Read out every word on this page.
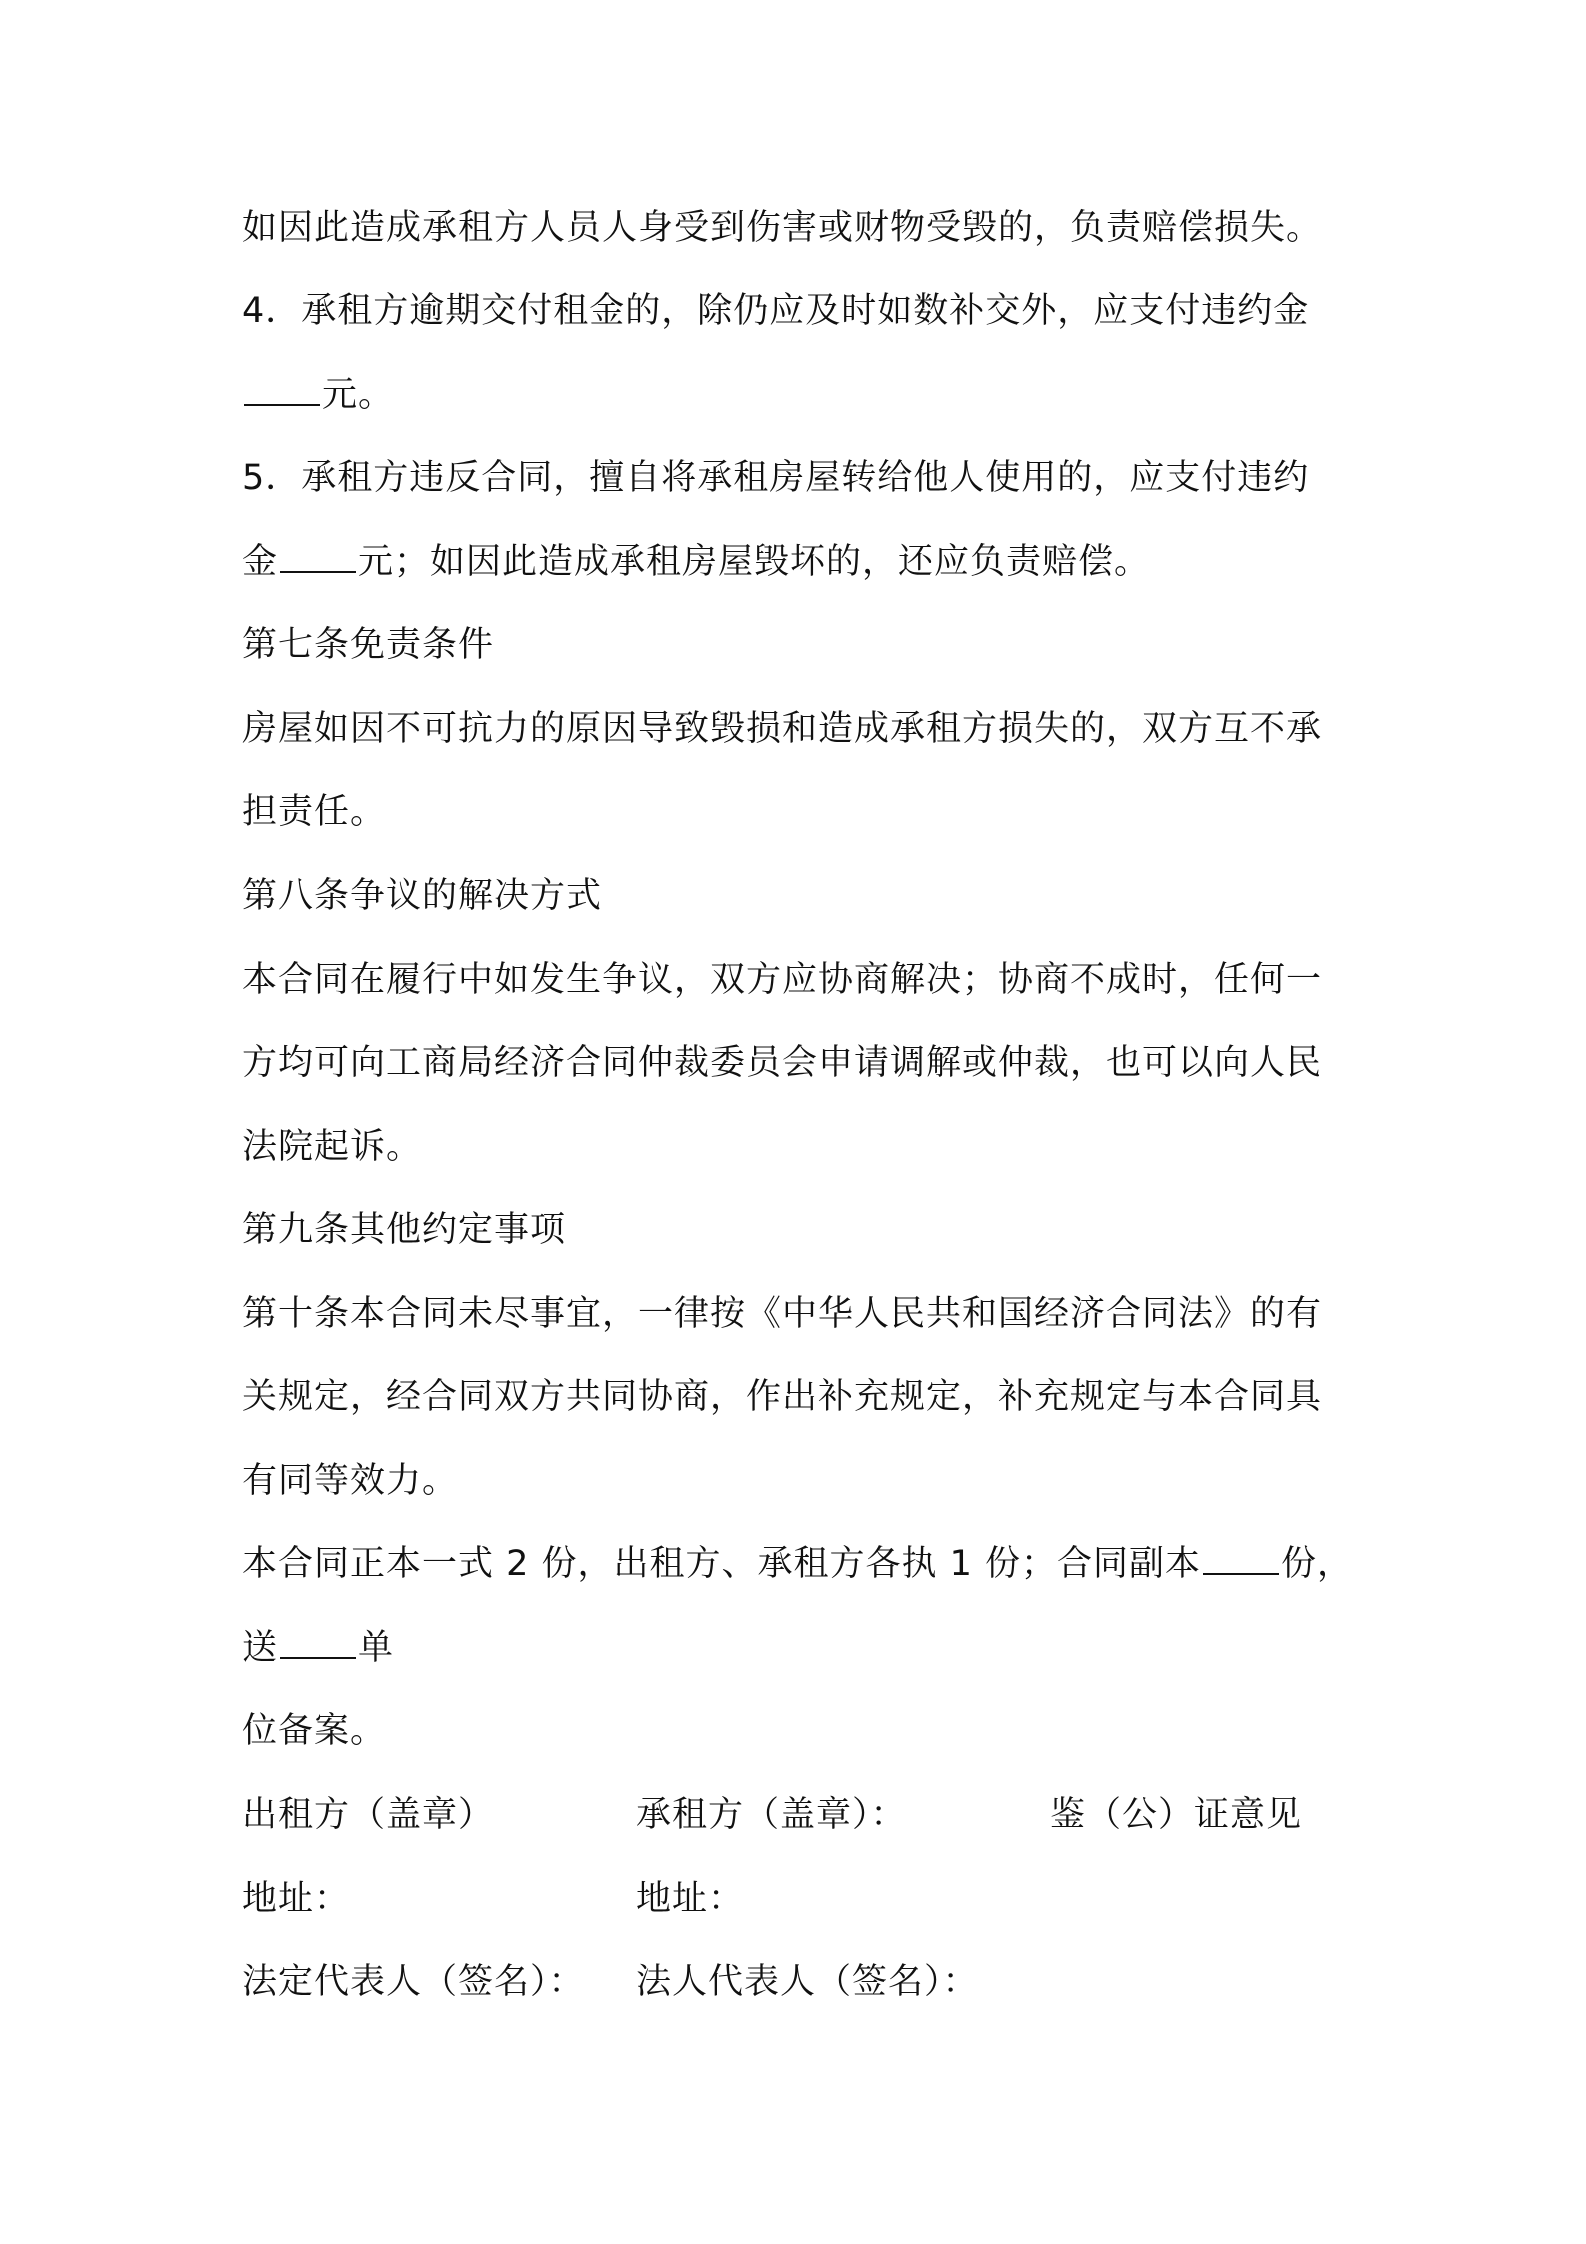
如因此造成承租方人员人身受到伤害或财物受毁的，负责赔偿损失。
4．承租方逾期交付租金的，除仍应及时如数补交外，应支付违约金
元。
5．承租方违反合同，擅自将承租房屋转给他人使用的，应支付违约
金 元；如因此造成承租房屋毁坏的，还应负责赔偿。
第七条免责条件
房屋如因不可抗力的原因导致毁损和造成承租方损失的，双方互不承
担责任。
第八条争议的解决方式
本合同在履行中如发生争议，双方应协商解决；协商不成时，任何一
方均可向工商局经济合同仲裁委员会申请调解或仲裁，也可以向人民
法院起诉。
第九条其他约定事项
第十条本合同未尽事宜，一律按《中华人民共和国经济合同法》的有
关规定，经合同双方共同协商，作出补充规定，补充规定与本合同具
有同等效力。
本合同正本一式 2 份，出租方、承租方各执 1 份；合同副本 份，
送 单
位备案。
出租方（盖章）	承租方（盖章）：	鉴（公）证意见
地址：	地址：
法定代表人（签名）： 法人代表人（签名）：
